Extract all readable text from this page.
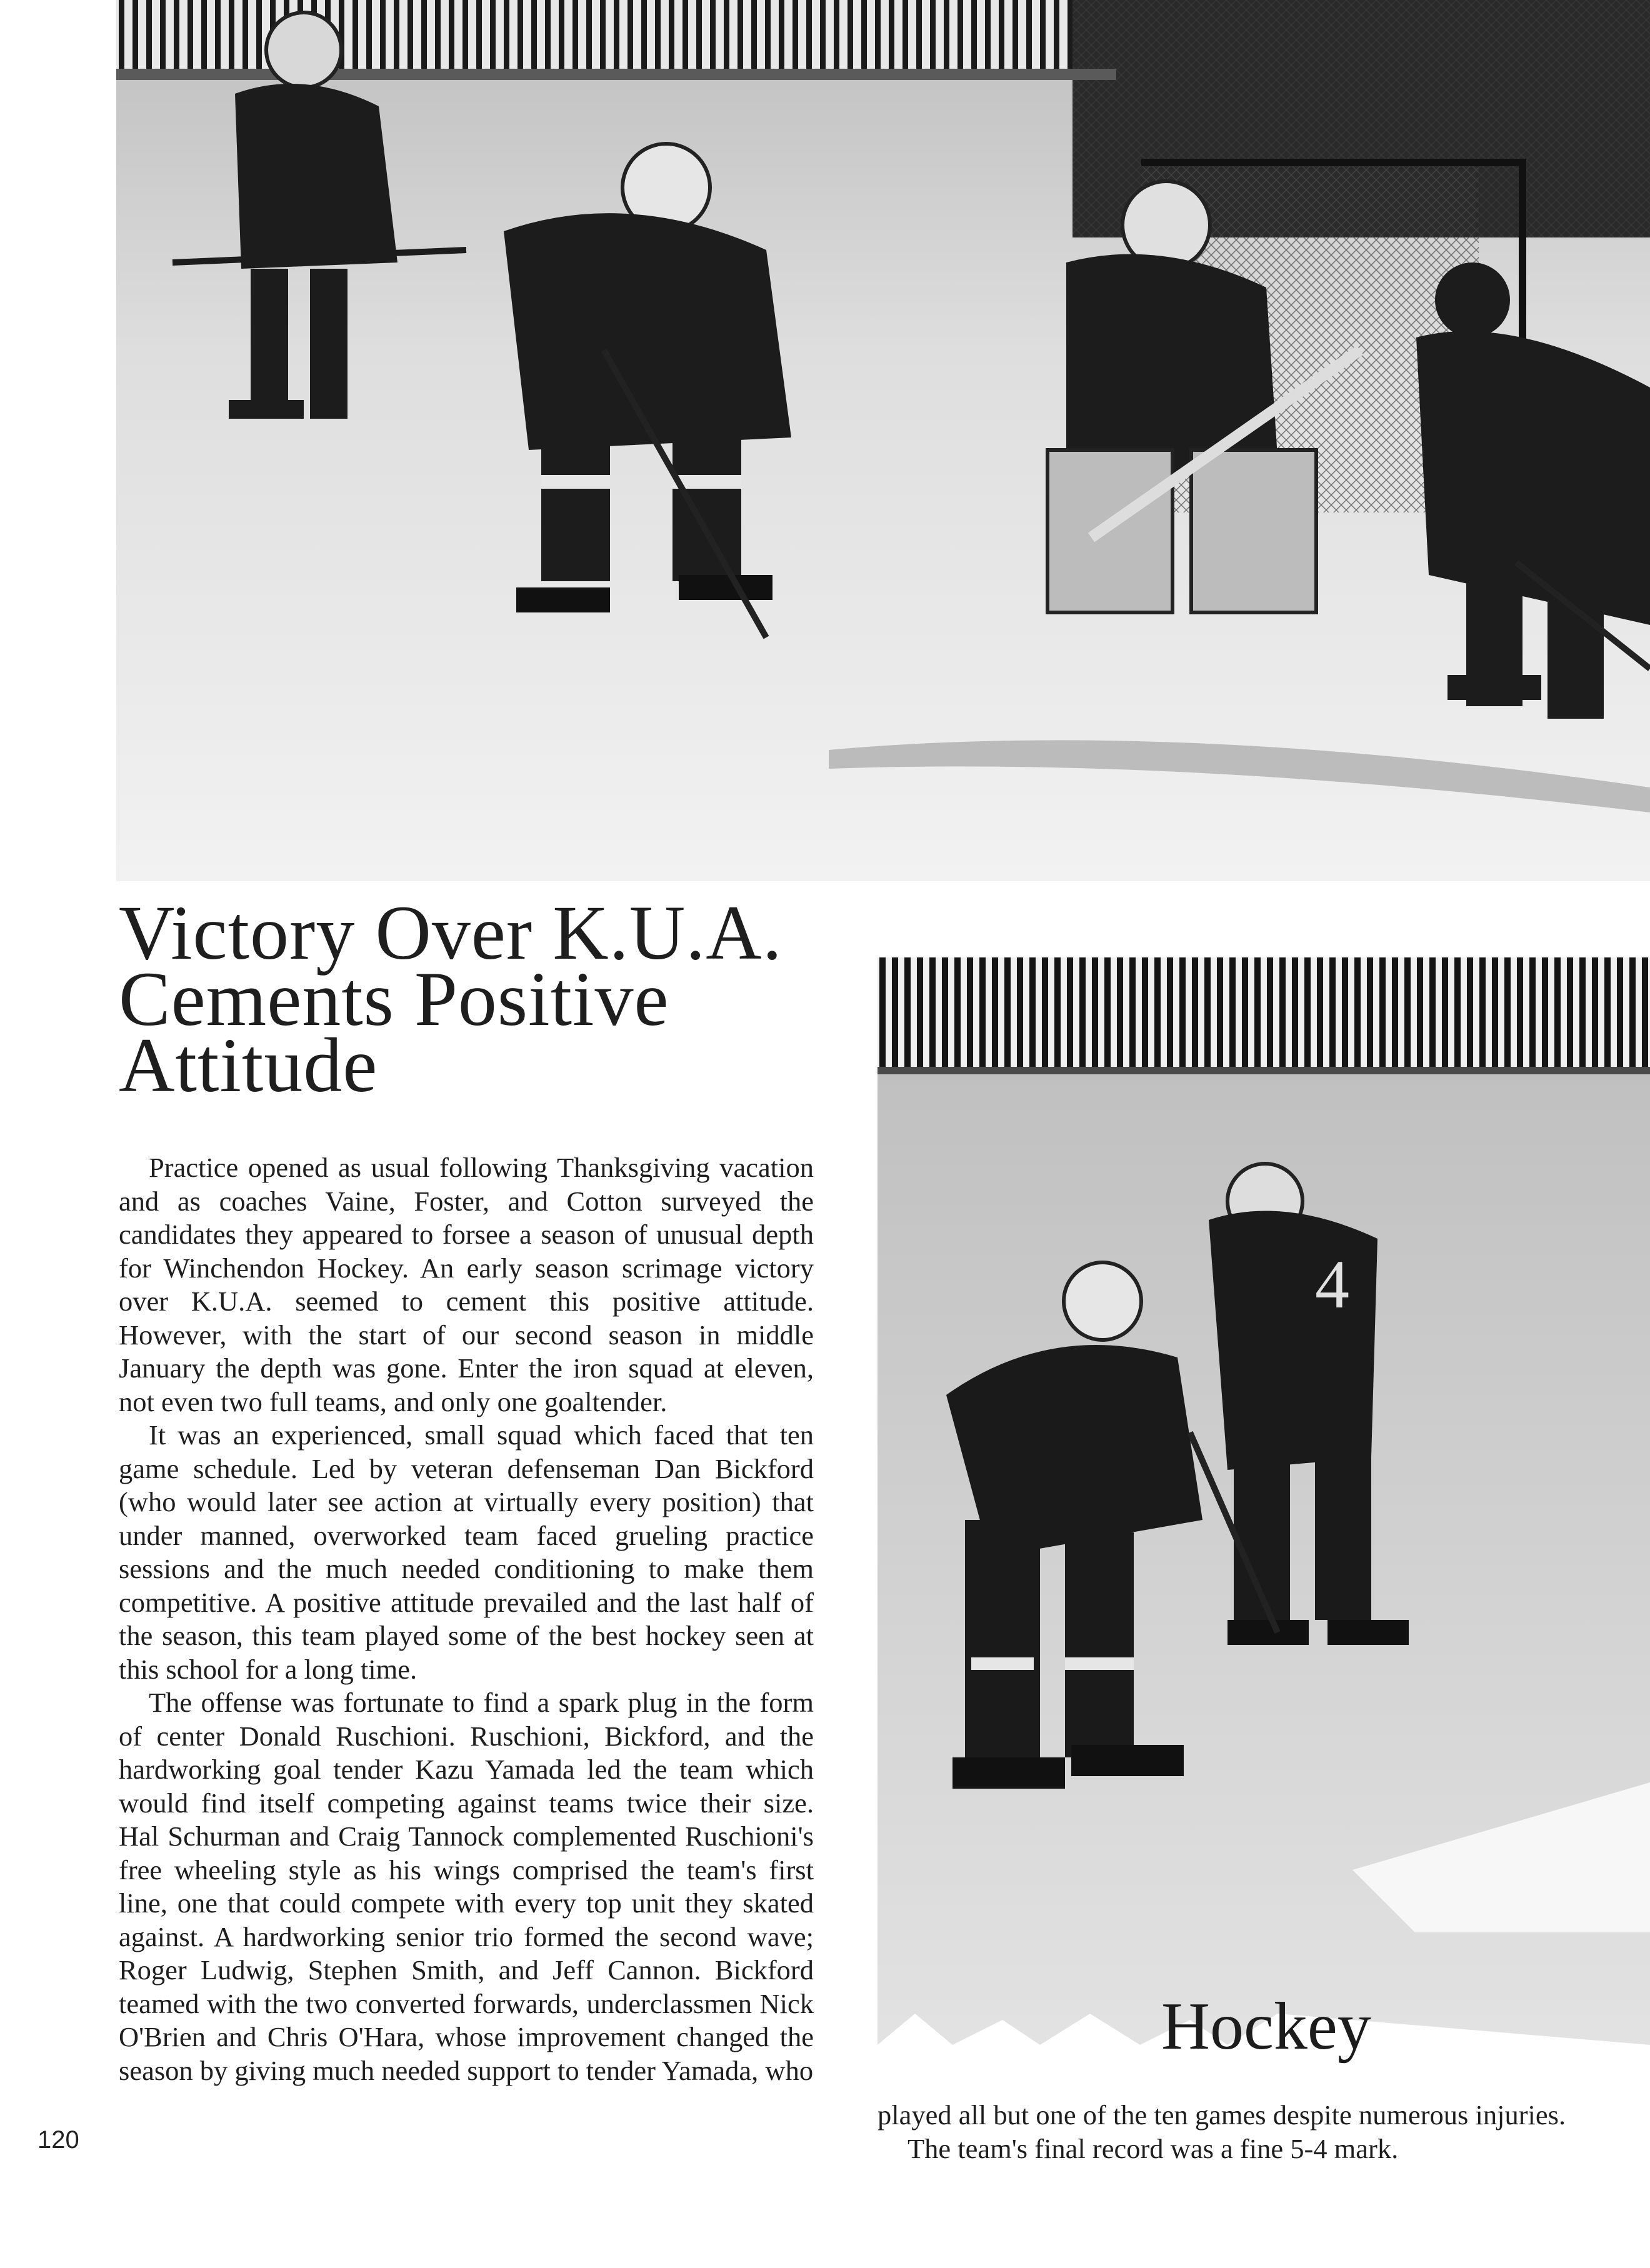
Victory Over K.U.A.
Cements Positive
Attitude

Practice opened as usual following Thanksgiving vacation and as coaches Vaine, Foster, and Cotton surveyed the candidates they appeared to forsee a season of unusual depth for Winchendon Hockey. An early season scrimage victory over K.U.A. seemed to cement this positive attitude. However, with the start of our second season in middle January the depth was gone. Enter the iron squad at eleven, not even two full teams, and only one goaltender.

It was an experienced, small squad which faced that ten game schedule. Led by veteran defenseman Dan Bickford (who would later see action at virtually every position) that under manned, overworked team faced grueling practice sessions and the much needed conditioning to make them competitive. A positive attitude prevailed and the last half of the season, this team played some of the best hockey seen at this school for a long time.

The offense was fortunate to find a spark plug in the form of center Donald Ruschioni. Ruschioni, Bickford, and the hardworking goal tender Kazu Yamada led the team which would find itself competing against teams twice their size. Hal Schurman and Craig Tannock complemented Ruschioni's free wheeling style as his wings comprised the team's first line, one that could compete with every top unit they skated against. A hardworking senior trio formed the second wave; Roger Ludwig, Stephen Smith, and Jeff Cannon. Bickford teamed with the two converted forwards, underclassmen Nick O'Brien and Chris O'Hara, whose improvement changed the season by giving much needed support to tender Yamada, who

4
Hockey

played all but one of the ten games despite numerous injuries.

The team's final record was a fine 5-4 mark.

120
